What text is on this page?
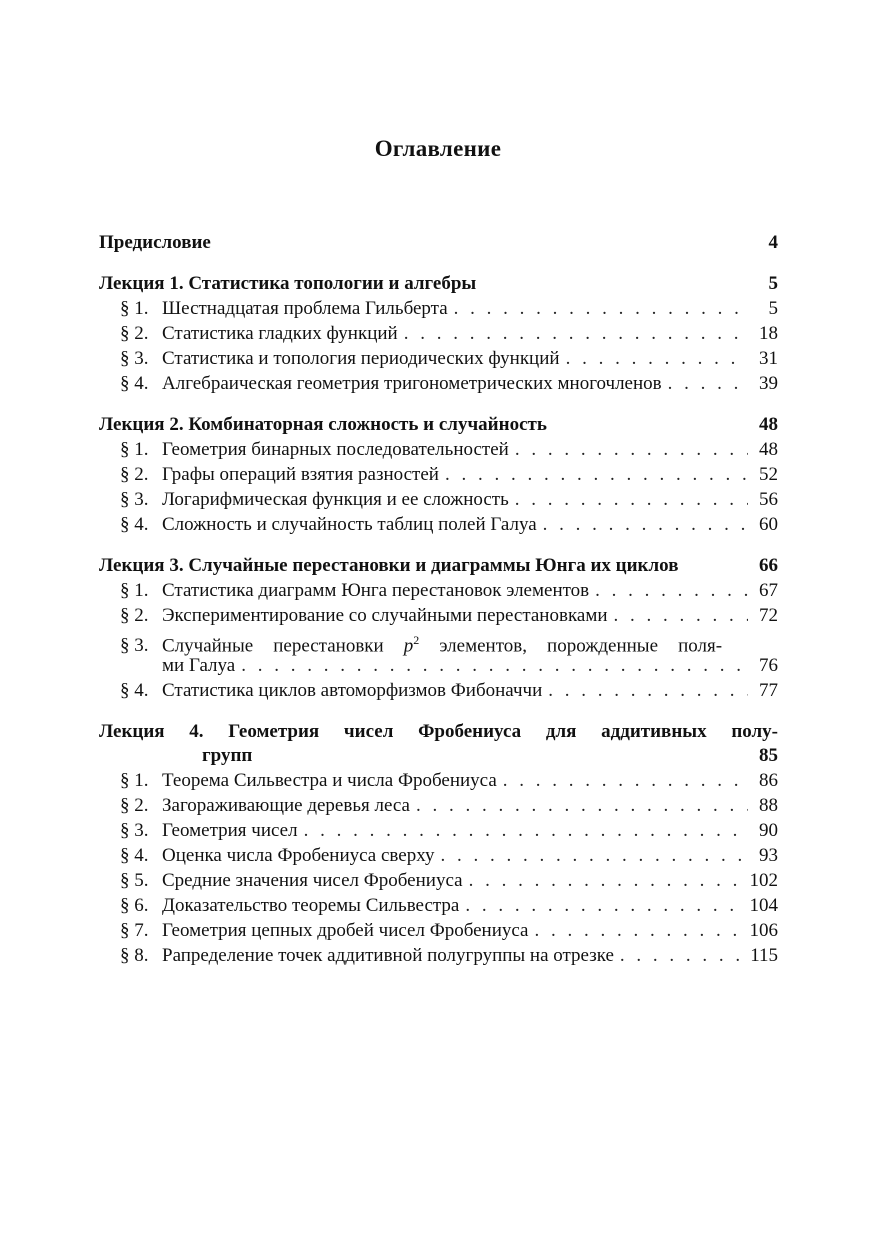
Оглавление
Предисловие	4
Лекция 1. Статистика топологии и алгебры	5
§ 1. Шестнадцатая проблема Гильберта . . .	5
§ 2. Статистика гладких функций . . .	18
§ 3. Статистика и топология периодических функций . . .	31
§ 4. Алгебраическая геометрия тригонометрических многочленов . . .	39
Лекция 2. Комбинаторная сложность и случайность	48
§ 1. Геометрия бинарных последовательностей . . .	48
§ 2. Графы операций взятия разностей . . .	52
§ 3. Логарифмическая функция и ее сложность . . .	56
§ 4. Сложность и случайность таблиц полей Галуа . . .	60
Лекция 3. Случайные перестановки и диаграммы Юнга их циклов	66
§ 1. Статистика диаграмм Юнга перестановок элементов . . .	67
§ 2. Экспериментирование со случайными перестановками . . .	72
§ 3. Случайные перестановки $p^2$ элементов, порожденные поля-
ми Галуа . . .	76
§ 4. Статистика циклов автоморфизмов Фибоначчи . . .	77
Лекция 4. Геометрия чисел Фробениуса для аддитивных полу-
групп	85
§ 1. Теорема Сильвестра и числа Фробениуса . . .	86
§ 2. Загораживающие деревья леса . . .	88
§ 3. Геометрия чисел . . .	90
§ 4. Оценка числа Фробениуса сверху . . .	93
§ 5. Средние значения чисел Фробениуса . . .	102
§ 6. Доказательство теоремы Сильвестра . . .	104
§ 7. Геометрия цепных дробей чисел Фробениуса . . .	106
§ 8. Рапределение точек аддитивной полугруппы на отрезке . . .	115
